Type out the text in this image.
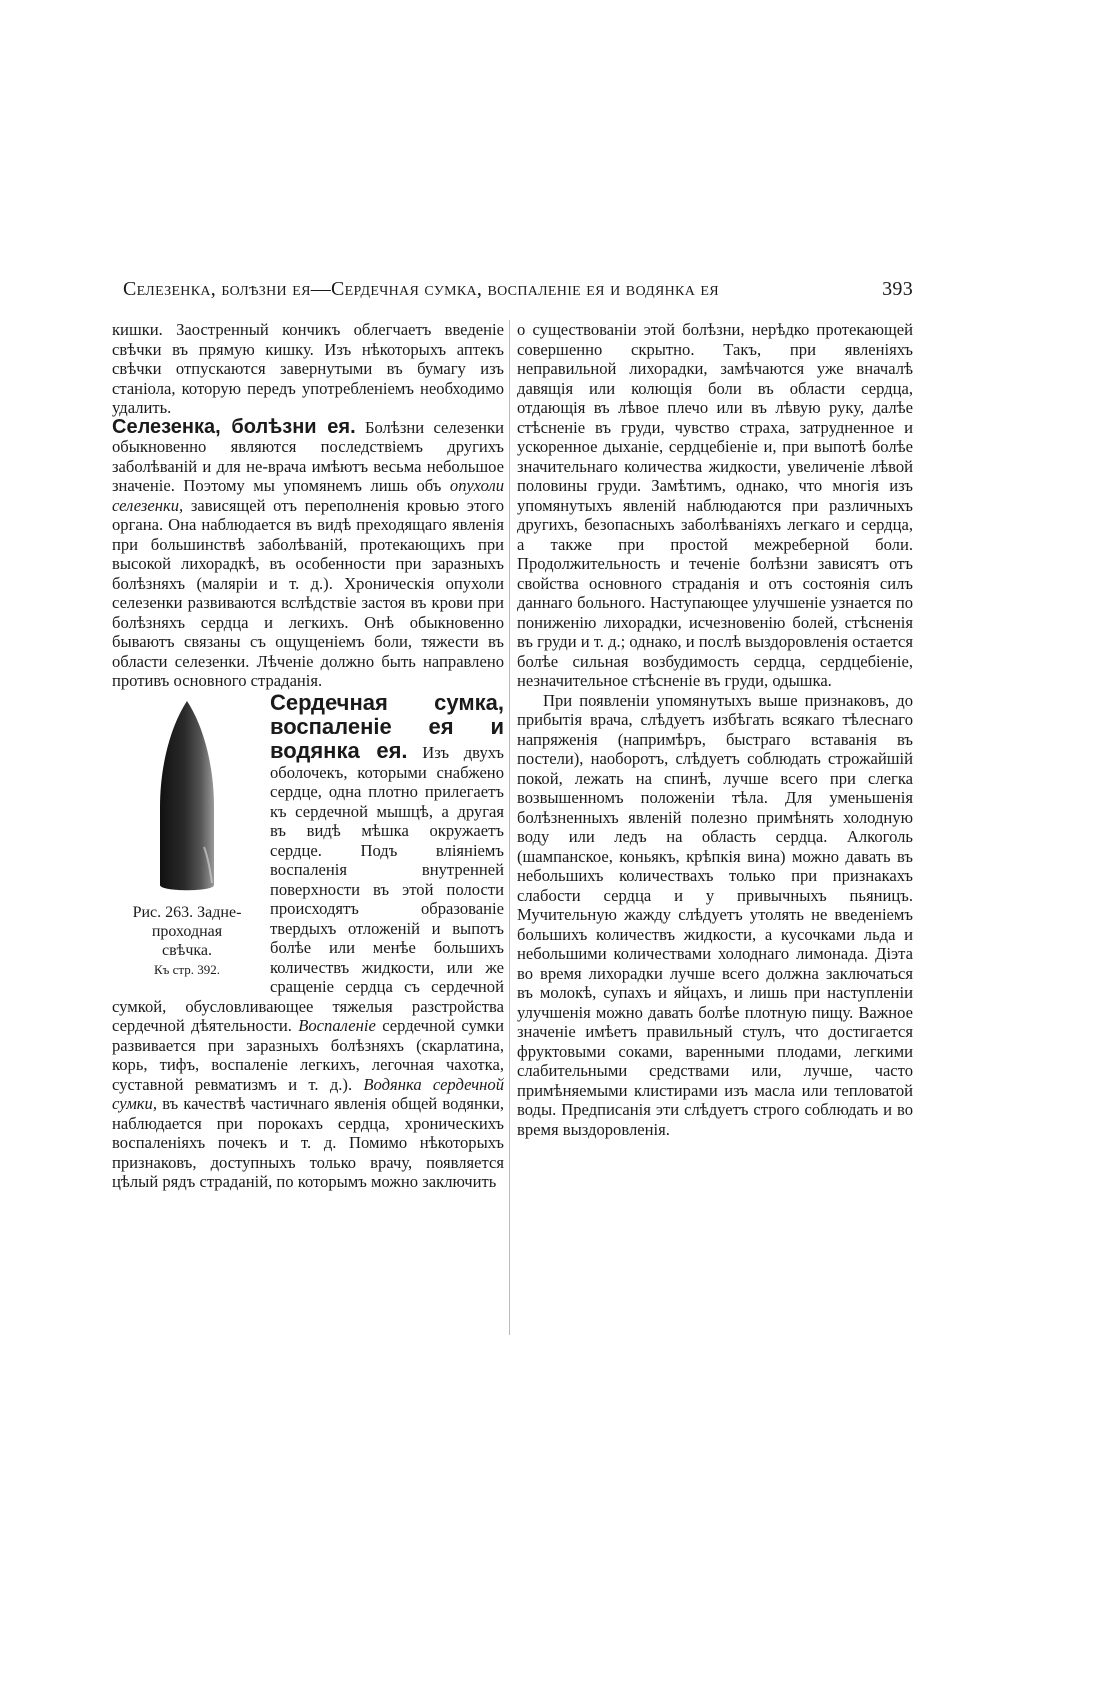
Селезенка, болѣзни ея—Сердечная сумка, воспаленіе ея и водянка ея	393

кишки. Заостренный кончикъ облегчаетъ введеніе свѣчки въ прямую кишку. Изъ нѣкоторыхъ аптекъ свѣчки отпускаются завернутыми въ бумагу изъ станіола, которую передъ употребленіемъ необходимо удалить.

Селезенка, болѣзни ея. Болѣзни селезенки обыкновенно являются последствіемъ другихъ заболѣваній и для не-врача имѣютъ весьма небольшое значеніе. Поэтому мы упомянемъ лишь объ опухоли селезенки, зависящей отъ переполненія кровью этого органа. Она наблюдается въ видѣ преходящаго явленія при большинствѣ заболѣваній, протекающихъ при высокой лихорадкѣ, въ особенности при заразныхъ болѣзняхъ (маляріи и т. д.). Хроническія опухоли селезенки развиваются вслѣдствіе застоя въ крови при болѣзняхъ сердца и легкихъ. Онѣ обыкновенно бываютъ связаны съ ощущеніемъ боли, тяжести въ области селезенки. Лѣченіе должно быть направлено противъ основного страданія.

Рис. 263. Задне-
проходная
свѣчка.
Къ стр. 392.

Сердечная сумка, воспаленіе ея и водянка ея. Изъ двухъ оболочекъ, которыми снабжено сердце, одна плотно прилегаетъ къ сердечной мышцѣ, а другая въ видѣ мѣшка окружаетъ сердце. Подъ вліяніемъ воспаленія внутренней поверхности въ этой полости происходятъ образованіе твердыхъ отложеній и выпотъ болѣе или менѣе большихъ количествъ жидкости, или же сращеніе сердца съ сердечной сумкой, обусловливающее тяжелыя разстройства сердечной дѣятельности. Воспаленіе сердечной сумки развивается при заразныхъ болѣзняхъ (скарлатина, корь, тифъ, воспаленіе легкихъ, легочная чахотка, суставной ревматизмъ и т. д.). Водянка сердечной сумки, въ качествѣ частичнаго явленія общей водянки, наблюдается при порокахъ сердца, хроническихъ воспаленіяхъ почекъ и т. д. Помимо нѣкоторыхъ признаковъ, доступныхъ только врачу, появляется цѣлый рядъ страданій, по которымъ можно заключить

о существованіи этой болѣзни, нерѣдко протекающей совершенно скрытно. Такъ, при явленіяхъ неправильной лихорадки, замѣчаются уже вначалѣ давящія или колющія боли въ области сердца, отдающія въ лѣвое плечо или въ лѣвую руку, далѣе стѣсненіе въ груди, чувство страха, затрудненное и ускоренное дыханіе, сердцебіеніе и, при выпотѣ болѣе значительнаго количества жидкости, увеличеніе лѣвой половины груди. Замѣтимъ, однако, что многія изъ упомянутыхъ явленій наблюдаются при различныхъ другихъ, безопасныхъ заболѣваніяхъ легкаго и сердца, а также при простой межреберной боли. Продолжительность и теченіе болѣзни зависятъ отъ свойства основного страданія и отъ состоянія силъ даннаго больного. Наступающее улучшеніе узнается по пониженію лихорадки, исчезновенію болей, стѣсненія въ груди и т. д.; однако, и послѣ выздоровленія остается болѣе сильная возбудимость сердца, сердцебіеніе, незначительное стѣсненіе въ груди, одышка.

При появленіи упомянутыхъ выше признаковъ, до прибытія врача, слѣдуетъ избѣгать всякаго тѣлеснаго напряженія (напримѣръ, быстраго вставанія въ постели), наоборотъ, слѣдуетъ соблюдать строжайшій покой, лежать на спинѣ, лучше всего при слегка возвышенномъ положеніи тѣла. Для уменьшенія болѣзненныхъ явленій полезно примѣнять холодную воду или ледъ на область сердца. Алкоголь (шампанское, коньякъ, крѣпкія вина) можно давать въ небольшихъ количествахъ только при признакахъ слабости сердца и у привычныхъ пьяницъ. Мучительную жажду слѣдуетъ утолять не введеніемъ большихъ количествъ жидкости, а кусочками льда и небольшими количествами холоднаго лимонада. Діэта во время лихорадки лучше всего должна заключаться въ молокѣ, супахъ и яйцахъ, и лишь при наступленіи улучшенія можно давать болѣе плотную пищу. Важное значеніе имѣетъ правильный стулъ, что достигается фруктовыми соками, варенными плодами, легкими слабительными средствами или, лучше, часто примѣняемыми клистирами изъ масла или тепловатой воды. Предписанія эти слѣдуетъ строго соблюдать и во время выздоровленія.
